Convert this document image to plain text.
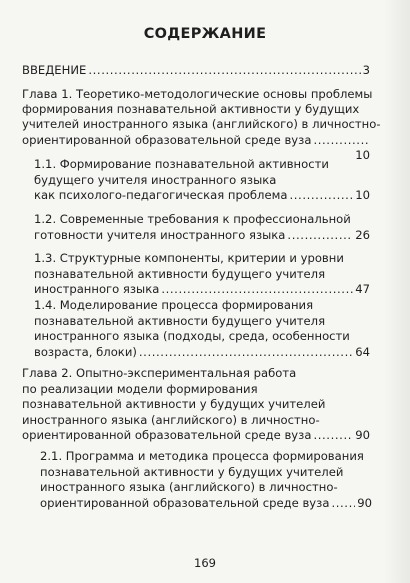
СОДЕРЖАНИЕ
ВВЕДЕНИЕ .....	3
Глава 1. Теоретико-методологические основы проблемы
формирования познавательной активности у будущих
учителей иностранного языка (английского) в личностно-
ориентированной образовательной среде вуза
.....
10
1.1. Формирование познавательной активности
будущего учителя иностранного языка
как психолого-педагогическая проблема .....	10
1.2. Современные требования к профессиональной
готовности учителя иностранного языка .....	26
1.3. Структурные компоненты, критерии и уровни
познавательной активности будущего учителя
иностранного языка .....	47
1.4. Моделирование процесса формирования
познавательной активности будущего учителя
иностранного языка (подходы, среда, особенности
возраста, блоки) .....	64
Глава 2. Опытно-экспериментальная работа
по реализации модели формирования
познавательной активности у будущих учителей
иностранного языка (английского) в личностно-
ориентированной образовательной среде вуза .....	90
2.1. Программа и методика процесса формирования
познавательной активности у будущих учителей
иностранного языка (английского) в личностно-
ориентированной образовательной среде вуза ..... 90
169
